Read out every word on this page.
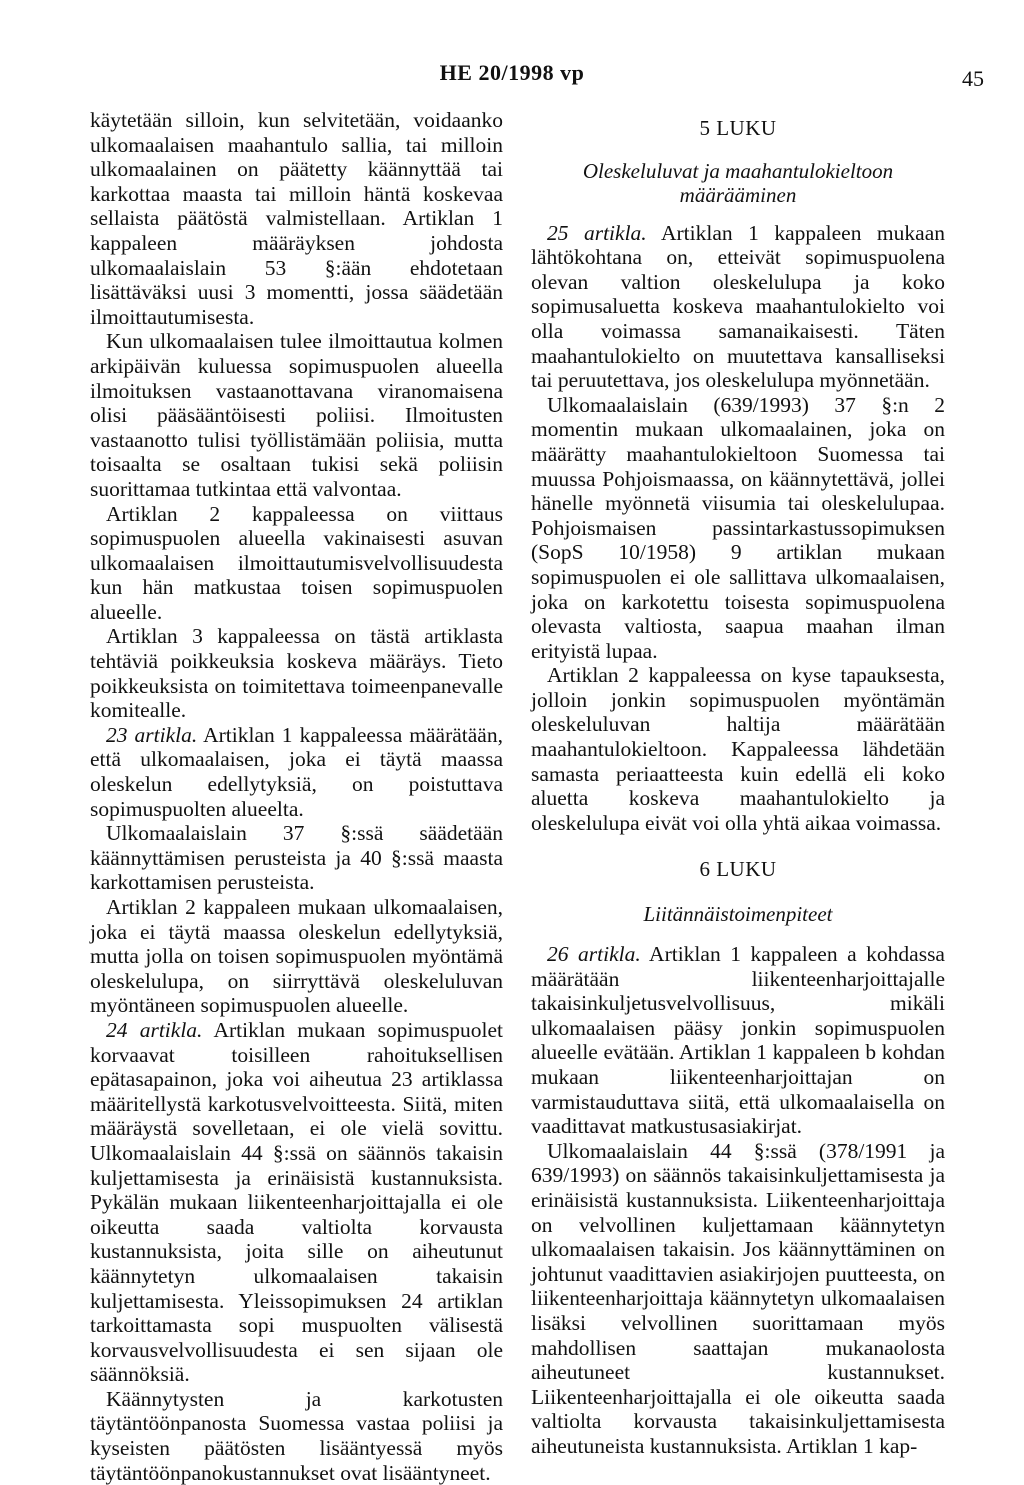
HE 20/1998 vp	45

käytetään silloin, kun selvitetään, voidaanko ulkomaalaisen maahantulo sallia, tai milloin ulkomaalainen on päätetty käännyttää tai karkottaa maasta tai milloin häntä koskevaa sellaista päätöstä valmistellaan. Artiklan 1 kappaleen määräyksen johdosta ulkomaalaislain 53 §:ään ehdotetaan lisättäväksi uusi 3 momentti, jossa säädetään ilmoittautumisesta.

Kun ulkomaalaisen tulee ilmoittautua kolmen arkipäivän kuluessa sopimuspuolen alueella ilmoituksen vastaanottavana viranomaisena olisi pääsääntöisesti poliisi. Ilmoitusten vastaanotto tulisi työllistämään poliisia, mutta toisaalta se osaltaan tukisi sekä poliisin suorittamaa tutkintaa että valvontaa.

Artiklan 2 kappaleessa on viittaus sopimuspuolen alueella vakinaisesti asuvan ulkomaalaisen ilmoittautumisvelvollisuudesta kun hän matkustaa toisen sopimuspuolen alueelle.

Artiklan 3 kappaleessa on tästä artiklasta tehtäviä poikkeuksia koskeva määräys. Tieto poikkeuksista on toimitettava toimeenpanevalle komitealle.

23 artikla. Artiklan 1 kappaleessa määrätään, että ulkomaalaisen, joka ei täytä maassa oleskelun edellytyksiä, on poistuttava sopimuspuolten alueelta.

Ulkomaalaislain 37 §:ssä säädetään käännyttämisen perusteista ja 40 §:ssä maasta karkottamisen perusteista.

Artiklan 2 kappaleen mukaan ulkomaalaisen, joka ei täytä maassa oleskelun edellytyksiä, mutta jolla on toisen sopimuspuolen myöntämä oleskelulupa, on siirryttävä oleskeluluvan myöntäneen sopimuspuolen alueelle.

24 artikla. Artiklan mukaan sopimuspuolet korvaavat toisilleen rahoituksellisen epätasapainon, joka voi aiheutua 23 artiklassa määritellystä karkotusvelvoitteesta. Siitä, miten määräystä sovelletaan, ei ole vielä sovittu. Ulkomaalaislain 44 §:ssä on säännös takaisin kuljettamisesta ja erinäisistä kustannuksista. Pykälän mukaan liikenteenharjoittajalla ei ole oikeutta saada valtiolta korvausta kustannuksista, joita sille on aiheutunut käännytetyn ulkomaalaisen takaisin kuljettamisesta. Yleissopimuksen 24 artiklan tarkoittamasta sopi muspuolten välisestä korvausvelvollisuudesta ei sen sijaan ole säännöksiä.

Käännytysten ja karkotusten täytäntöönpanosta Suomessa vastaa poliisi ja kyseisten päätösten lisääntyessä myös täytäntöönpanokustannukset ovat lisääntyneet.

5 LUKU

Oleskeluluvat ja maahantulokieltoon määrääminen

25 artikla. Artiklan 1 kappaleen mukaan lähtökohtana on, etteivät sopimuspuolena olevan valtion oleskelulupa ja koko sopimusaluetta koskeva maahantulokielto voi olla voimassa samanaikaisesti. Täten maahantulokielto on muutettava kansalliseksi tai peruutettava, jos oleskelulupa myönnetään.

Ulkomaalaislain (639/1993) 37 §:n 2 momentin mukaan ulkomaalainen, joka on määrätty maahantulokieltoon Suomessa tai muussa Pohjoismaassa, on käännytettävä, jollei hänelle myönnetä viisumia tai oleskelulupaa. Pohjoismaisen passintarkastussopimuksen (SopS 10/1958) 9 artiklan mukaan sopimuspuolen ei ole sallittava ulkomaalaisen, joka on karkotettu toisesta sopimuspuolena olevasta valtiosta, saapua maahan ilman erityistä lupaa.

Artiklan 2 kappaleessa on kyse tapauksesta, jolloin jonkin sopimuspuolen myöntämän oleskeluluvan haltija määrätään maahantulokieltoon. Kappaleessa lähdetään samasta periaatteesta kuin edellä eli koko aluetta koskeva maahantulokielto ja oleskelulupa eivät voi olla yhtä aikaa voimassa.

6 LUKU

Liitännäistoimenpiteet

26 artikla. Artiklan 1 kappaleen a kohdassa määrätään liikenteenharjoittajalle takaisinkuljetusvelvollisuus, mikäli ulkomaalaisen pääsy jonkin sopimuspuolen alueelle evätään. Artiklan 1 kappaleen b kohdan mukaan liikenteenharjoittajan on varmistauduttava siitä, että ulkomaalaisella on vaadittavat matkustusasiakirjat.

Ulkomaalaislain 44 §:ssä (378/1991 ja 639/1993) on säännös takaisinkuljettamisesta ja erinäisistä kustannuksista. Liikenteenharjoittaja on velvollinen kuljettamaan käännytetyn ulkomaalaisen takaisin. Jos käännyttäminen on johtunut vaadittavien asiakirjojen puutteesta, on liikenteenharjoittaja käännytetyn ulkomaalaisen lisäksi velvollinen suorittamaan myös mahdollisen saattajan mukanaolosta aiheutuneet kustannukset. Liikenteenharjoittajalla ei ole oikeutta saada valtiolta korvausta takaisinkuljettamisesta aiheutuneista kustannuksista. Artiklan 1 kap-
